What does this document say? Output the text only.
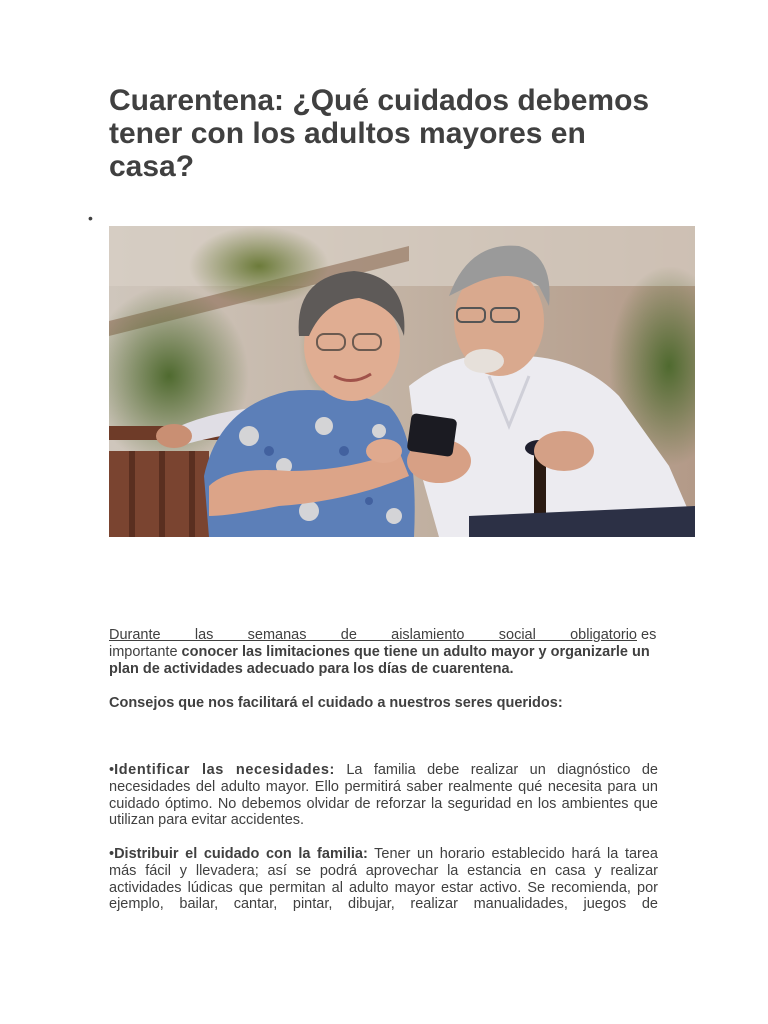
Cuarentena: ¿Qué cuidados debemos tener con los adultos mayores en casa?
•

Durante las semanas de aislamiento social obligatorio es importante conocer las limitaciones que tiene un adulto mayor y organizarle un plan de actividades adecuado para los días de cuarentena.

Consejos que nos facilitará el cuidado a nuestros seres queridos:

•Identificar las necesidades: La familia debe realizar un diagnóstico de necesidades del adulto mayor. Ello permitirá saber realmente qué necesita para un cuidado óptimo. No debemos olvidar de reforzar la seguridad en los ambientes que utilizan para evitar accidentes.

•Distribuir el cuidado con la familia: Tener un horario establecido hará la tarea más fácil y llevadera; así se podrá aprovechar la estancia en casa y realizar actividades lúdicas que permitan al adulto mayor estar activo. Se recomienda, por ejemplo, bailar, cantar, pintar, dibujar, realizar manualidades, juegos de
